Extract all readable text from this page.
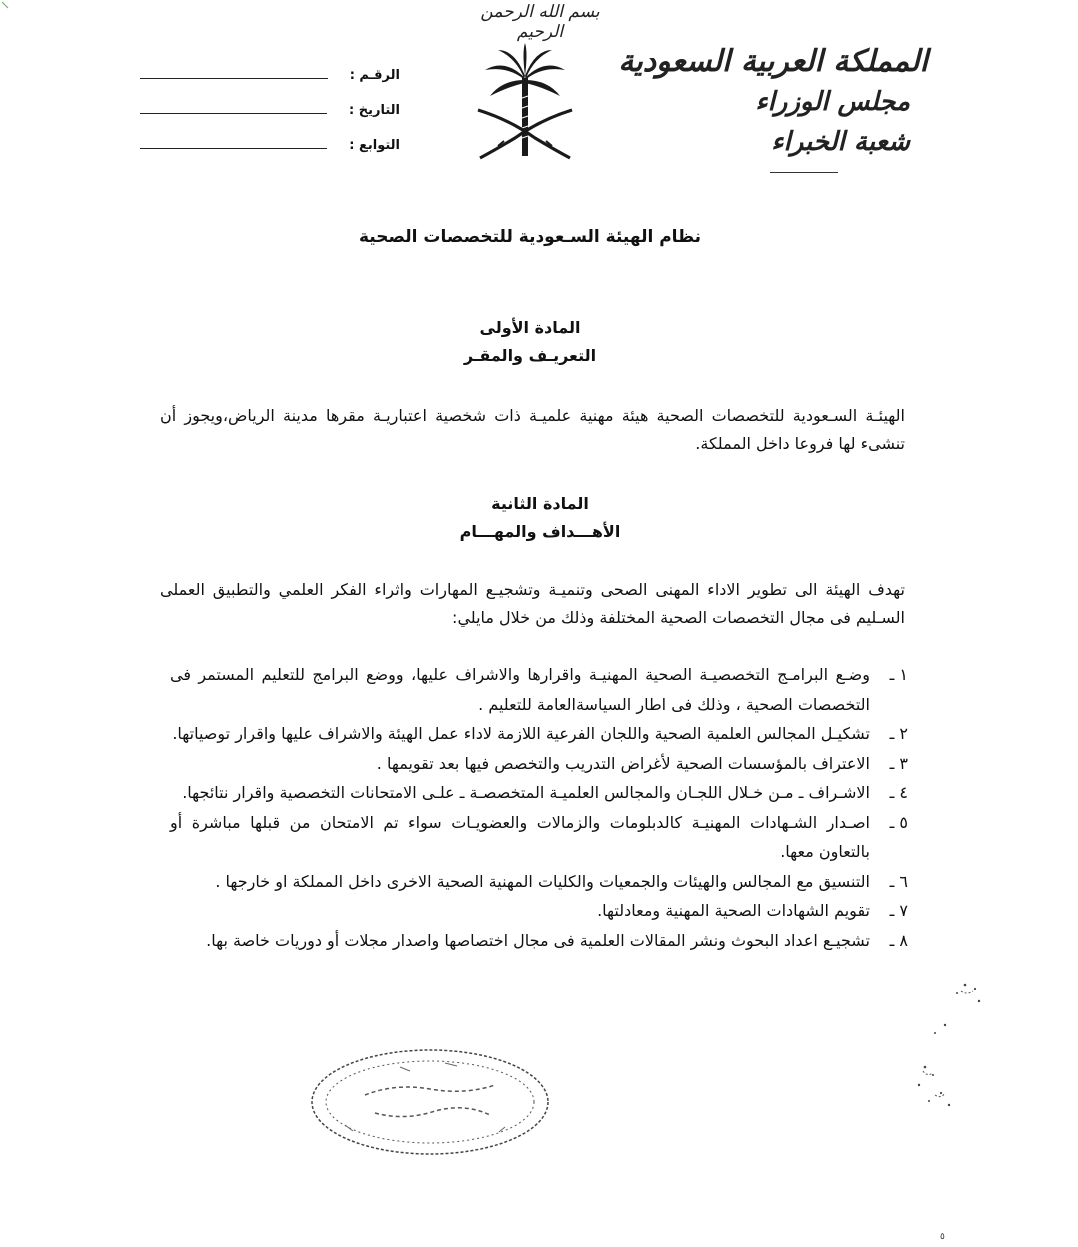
بسم الله الرحمن الرحيم
المملكة العربية السعودية
مجلس الوزراء
شعبة الخبراء
الرقـم :
التاريخ :
التوابع :
نظام الهيئة السـعودية للتخصصات الصحية
المادة الأولى
التعريـف والمقـر
الهيئـة السـعودية للتخصصات الصحية هيئة مهنية علميـة ذات شخصية اعتباريـة مقرها مدينة الرياض،ويجوز أن تنشىء لها فروعا داخل المملكة.
المادة الثانية
الأهـــداف والمهـــام
تهدف الهيئة الى تطوير الاداء المهنى الصحى وتنميـة وتشجيـع المهارات واثراء الفكر العلمي والتطبيق العملى السـليم فى مجال التخصصات الصحية المختلفة وذلك من خلال مايلي:
١ ـ
وضـع البرامـج التخصصيـة الصحية المهنيـة واقرارها والاشراف عليها، ووضع البرامج للتعليم المستمر فى التخصصات الصحية ، وذلك فى اطار السياسةالعامة للتعليم .
٢ ـ
تشكيـل المجالس العلمية الصحية واللجان الفرعية اللازمة لاداء عمل الهيئة والاشراف عليها واقرار توصياتها.
٣ ـ
الاعتراف بالمؤسسات الصحية لأغراض التدريب والتخصص فيها بعد تقويمها .
٤ ـ
الاشـراف ـ مـن خـلال اللجـان والمجالس العلميـة المتخصصـة ـ علـى الامتحانات التخصصية واقرار نتائجها.
٥ ـ
اصـدار الشـهادات المهنيـة كالدبلومات والزمالات والعضويـات سواء تم الامتحان من قبلها مباشرة أو بالتعاون معها.
٦ ـ
التنسيق مع المجالس والهيئات والجمعيات والكليات المهنية الصحية الاخرى داخل المملكة او خارجها .
٧ ـ
تقويم الشهادات الصحية المهنية ومعادلتها.
٨ ـ
تشجيـع اعداد البحوث ونشر المقالات العلمية فى مجال اختصاصها واصدار مجلات أو دوريات خاصة بها.
٥
